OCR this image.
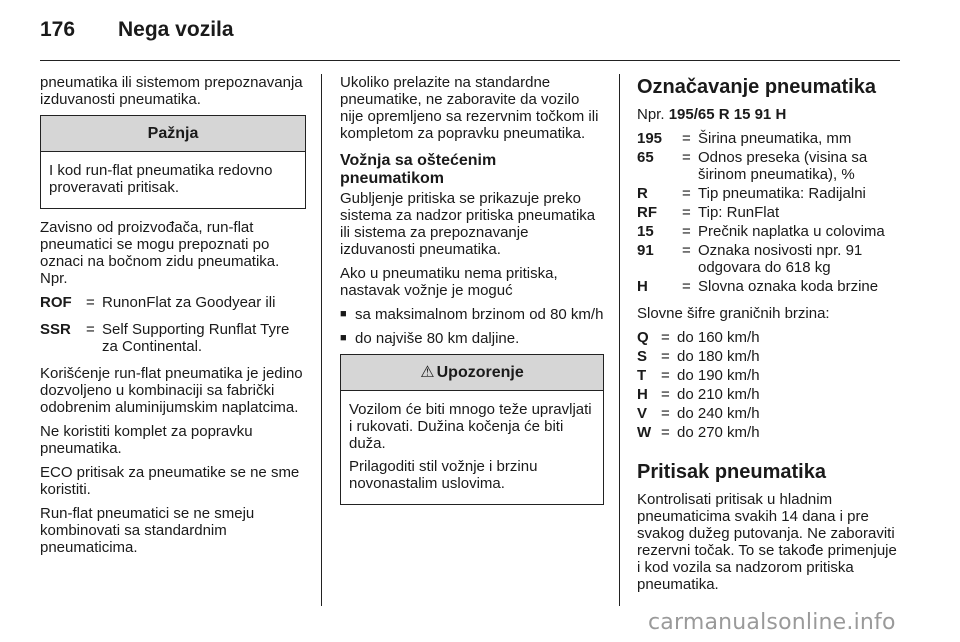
176 Nega vozila

pneumatika ili sistemom prepoznavanja izduvanosti pneumatika.

Pažnja

I kod run-flat pneumatika redovno proveravati pritisak.

Zavisno od proizvođača, run-flat pneumatici se mogu prepoznati po oznaci na bočnom zidu pneumatika. Npr.

ROF = RunonFlat za Goodyear ili
SSR	= Self Supporting Runflat Tyre za Continental.

Korišćenje run-flat pneumatika je jedino dozvoljeno u kombinaciji sa fabrički odobrenim aluminijumskim naplatcima.

Ne koristiti komplet za popravku pneumatika.

ECO pritisak za pneumatike se ne sme koristiti.

Run-flat pneumatici se ne smeju kombinovati sa standardnim pneumaticima.

Ukoliko prelazite na standardne pneumatike, ne zaboravite da vozilo nije opremljeno sa rezervnim točkom ili kompletom za popravku pneumatika.

Vožnja sa oštećenim pneumatikom

Gubljenje pritiska se prikazuje preko sistema za nadzor pritiska pneumatika ili sistema za prepoznavanje izduvanosti pneumatika.

Ako u pneumatiku nema pritiska, nastavak vožnje je moguć

■ sa maksimalnom brzinom od 80 km/h
■ do najviše 80 km daljine.
⚠ Upozorenje

Vozilom će biti mnogo teže upravljati i rukovati. Dužina kočenja će biti duža.

Prilagoditi stil vožnje i brzinu novonastalim uslovima.

Označavanje pneumatika

Npr. 195/65 R 15 91 H

195	= Širina pneumatika, mm
65	= Odnos preseka (visina sa širinom pneumatika), %
R	= Tip pneumatika: Radijalni
RF	= Tip: RunFlat
15	= Prečnik naplatka u colovima
91	= Oznaka nosivosti npr. 91 odgovara do 618 kg
H	= Slovna oznaka koda brzine

Slovne šifre graničnih brzina:

Q = do 160 km/h
S = do 180 km/h
T = do 190 km/h
H = do 210 km/h
V = do 240 km/h
W = do 270 km/h
Pritisak pneumatika

Kontrolisati pritisak u hladnim pneumaticima svakih 14 dana i pre svakog dužeg putovanja. Ne zaboraviti rezervni točak. To se takođe primenjuje i kod vozila sa nadzorom pritiska pneumatika.

carmanualsonline.info
